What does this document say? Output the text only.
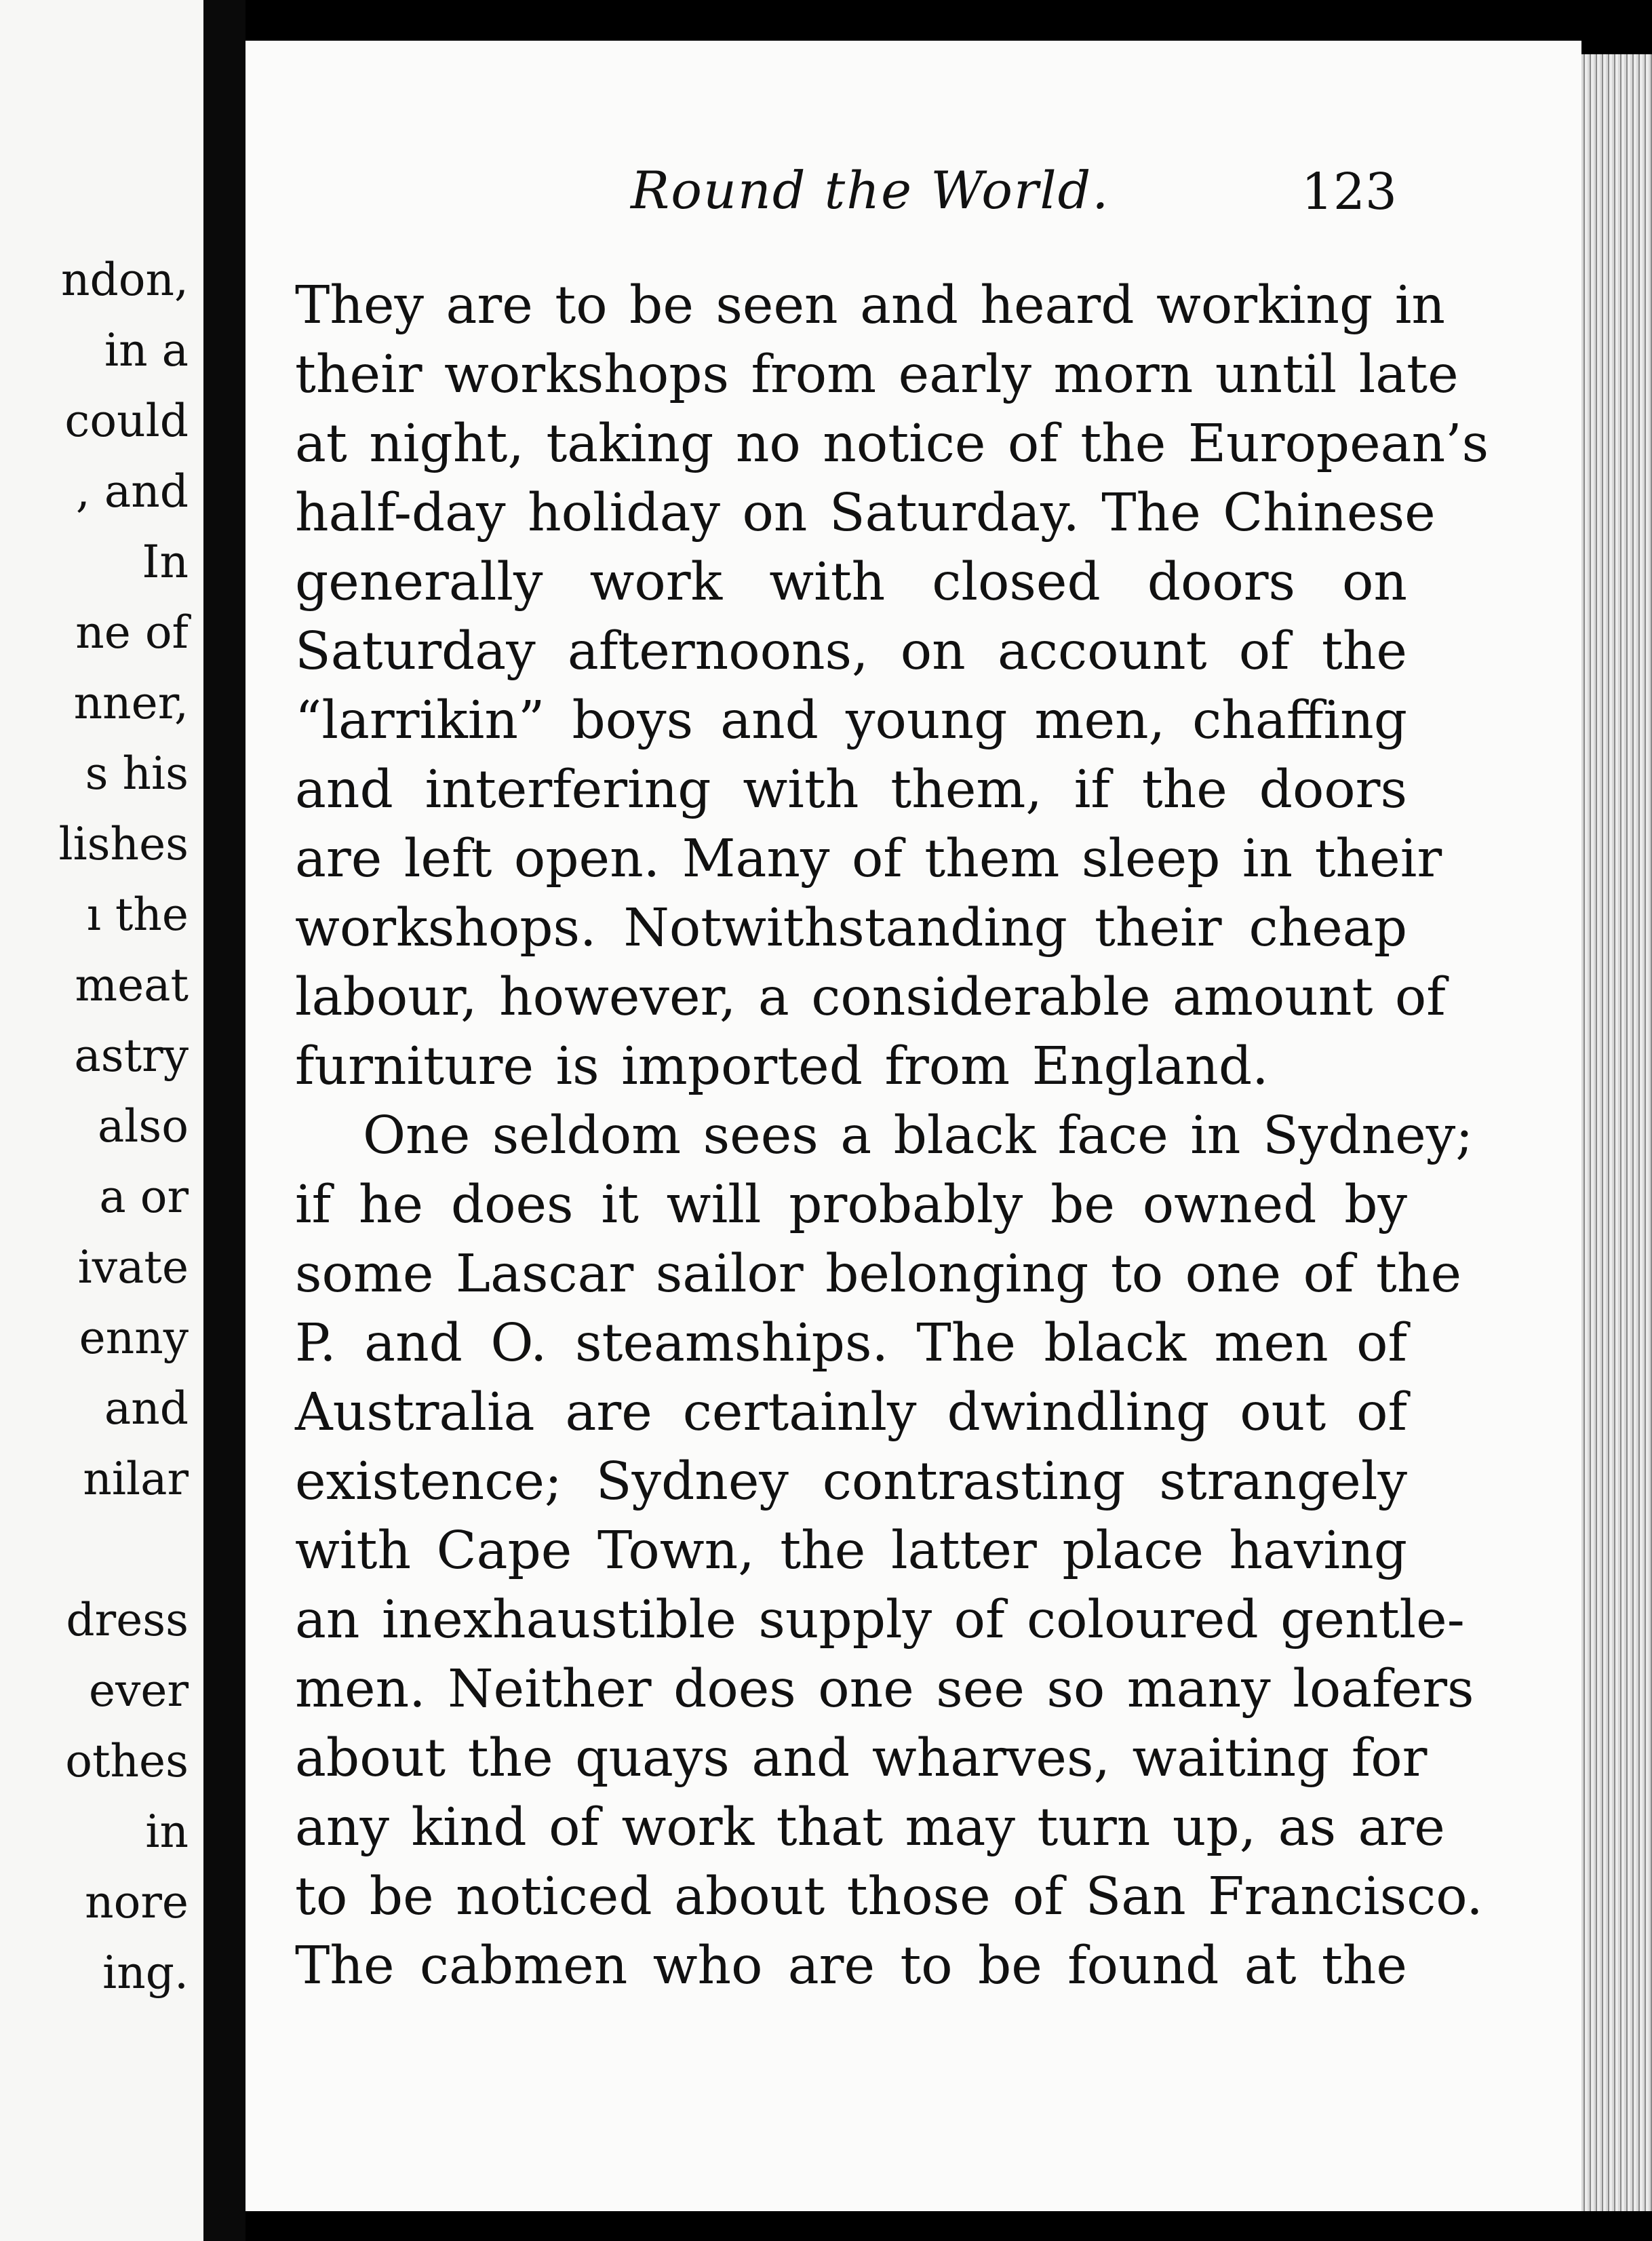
ndon,
in a
could
, and
In
ne of
nner,
s his
lishes
ı the
meat
astry
also
a or
ivate
enny
and
nilar
dress
ever
othes
in
nore
ing.
Round the World.	123
They are to be seen and heard working in
their workshops from early morn until late
at night, taking no notice of the European’s
half-day holiday on Saturday. The Chinese
generally work with closed doors on
Saturday afternoons, on account of the
“larrikin” boys and young men, chaffing
and interfering with them, if the doors
are left open. Many of them sleep in their
workshops. Notwithstanding their cheap
labour, however, a considerable amount of
furniture is imported from England.
One seldom sees a black face in Sydney;
if he does it will probably be owned by
some Lascar sailor belonging to one of the
P. and O. steamships. The black men of
Australia are certainly dwindling out of
existence; Sydney contrasting strangely
with Cape Town, the latter place having
an inexhaustible supply of coloured gentle-
men. Neither does one see so many loafers
about the quays and wharves, waiting for
any kind of work that may turn up, as are
to be noticed about those of San Francisco.
The cabmen who are to be found at the
